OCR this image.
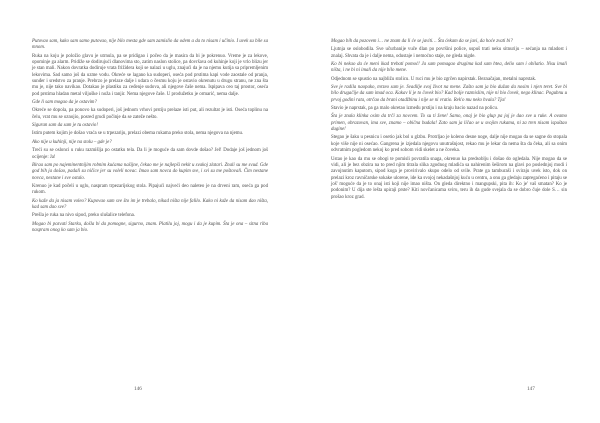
Putovao sam, kako sam samo putovao, nije bilo mesta gde sam zamislio da odem a da to nisam i učinio. I uvek su bile sa mnom.

Ruka na koju je položio glavu je utrnula, pa se pridigao i počeo da je masira da bi je pokrenuo. Vreme je za lekove, opominje ga alarm. Pridiže se dodirujući dlanovima sto, zatim naslon stolice, pa dovršava od kuhinje koji je vrlo blizu jer je stan mali. Nakon dovratka dodiruje vrata frižidera koji se nalazi u uglu, znajući da je na njemu kutija sa pripremljenim lekovima. Sad samo još da uzme vodu. Okreće se lagano ka sudoperi, oseća pod prstima kapi vode zaostale od pranja, sunđer i sredstvo za pranje. Prebrzo je prelaze dalje i udara o česmu koju je ostavio okrenutu u drugu stranu, ne zna šta mu je, nije tako navikao. Dotakao je plastiku za ceđenje sudova, ali njegove čaše nema. Ispipava ceo taj prostor, oseća pod prstima hladan metal viljuške i noža i tanjir. Nema njegove čaše. U produžetku je ormarić, nema dalje.

Gde li sam mogao da je ostavim?

Okreće se dopola, pa ponovo ka sudoperi, još jednom vrhovi prstiju prelaze isti put, ali rezultat je isti. Oseća toplinu na čelu, vrat mu se oznojio, posred grudi počinje da se zateže nešto.

Siguran sam da sam je tu ostavio!

Istim putem kojim je došao vraća se u trpezariju, prelazi obema rukama preko stola, nema njegova na njemu.

Ako nije u kuhinji, nije na stolu – gde je?

Treći su se oslonci u ruku razmišlja po ostatku tela. Da li je moguće da sam dovde došao? Jel! Dodaje još jednom još ocijenje: Ja!

Biraa sam po najeminentnijim robnim kućama našijne, čekao me je najlepši nekit u svakoj zlatari. Znali su me svud. Gde god bih ja došao, padali su ničice jer su voleli novac. Imao sam novca do kupim sve, i svi su me poštovali. Čim nestane novca, nestane i sve ostalo.

Krenuo je kad počeli u uglu, naspram trpezarijskog stola. Pipajući najveći deo naleteo je na drveni ram, oseća ga pod rukom.

Ko kaže da ja nisam voleo? Kupovao sam sve što im je trebalo, nikad ništa nije falilo. Kako ni kaže da nisam dao ništa, kad sam dao sve?

Prešla je ruka na nivo sipod, preko slušalice telefona.

Mogao bi pozvati Starku, došla bi da pomogne, sigurno, znam. Platilu joj, mogu i da je kupim. Šta je ona – sitna riba naspram onog ko sam ja bio.

146

Mogao bih da pozovem i… ne znam da li će se javiti… Šta ćekam da se javi, da hoće zvati bi?

Ljutnja se oslobodila. Sve učurbanije vuče dlan po površini police, uspuš trati neku sitnuriju – sećanja na mladost i znalaj. Shvata da je i dalje nema, odustaje i nemoćno staje, ne gleda nigde.

Ko bi nekao da će meni ikad trebati pomoć! Ja sam pomagao drugima kad sam htea, delio sam i obilatio. Nisu imali ništa, i ne bi ni imali da nije bilo mene.

Odjednom se spustio na najbližu stolicu. U ruci mu je bio zgrčen napirstak. Beznačajan, metalni naprstak.

Sve je radila naopako, mrzeo sam je. Svadilje svoj život na mene. Zašto sam ja bio dužan da nosim i njen teret. Sve bi bilo drugačije da sam imad oca. Kakav li je to čovek bio? Kad bolje razmislim, nije ni bio čovek, nego klinac. Pogubnu u prvoj godini rata, otrčao da brani otadžbinu i nije se ni vratio. Rek'o mu neko hvala? Tja!

Stavio je naprstak, pa ga malo okretao između prstiju i na kraju bacio nazad na policu.

Šta je znala klinka osim da trči za novcem. To su ti žene! Samo, onaj je bio glup pa joj je dao sve u ruke. A ovamo primen, obrazovan, ima sve, znamo – obična budala! Zato sam ja ličao se u svojim rukama, ni za tren nisam ispuštao dugine!

Stegao je šaku u pesnicu i osetio jak bol u glzbu. Protrljao je koleno desne noge, dalje nije mogao da se sagne do stopala koje više nije ni osećao. Gangrena je izjedala njegovu unutrašnjost, rekao mu je lekar da nema šta da čeka, ali sa onim odvratnim pogledom nekoj ko pred sobom vidi skelet a ne čoveka.

Ustao je kao da mu se obogi te pomisli povratila snaga, okrenuo ka predsoblju i došao do ogledala. Nije mogao da se vidi, ali je bez obzira na to pred njim titrala slika zgodnog mladića sa nahirenim šeširom na glavi po poslednjoj modi i zavojnutim kaputom, sipod koga je provirivalo skupo odelo od svile. Prate ga tamburaši i sviraju uvek isto, dok on prelazi kroz ravničarske sokake ulorene, ide ka svojoj nekadašnjoj kuću u centru, a onu ga gledaju zapregaćeno i pitaju se još' moguće da je to onaj isti koji nije imao ništa. On gleda direktno i mangupski, pita ih: Ko je' vaš smatan? Ko je podonim? U dija ste lešta upiraji prste? Kiti novčanicama sviru, teru ih da gude svejala da se dobro čuje dole S… sin prošao kroz grad.

147
